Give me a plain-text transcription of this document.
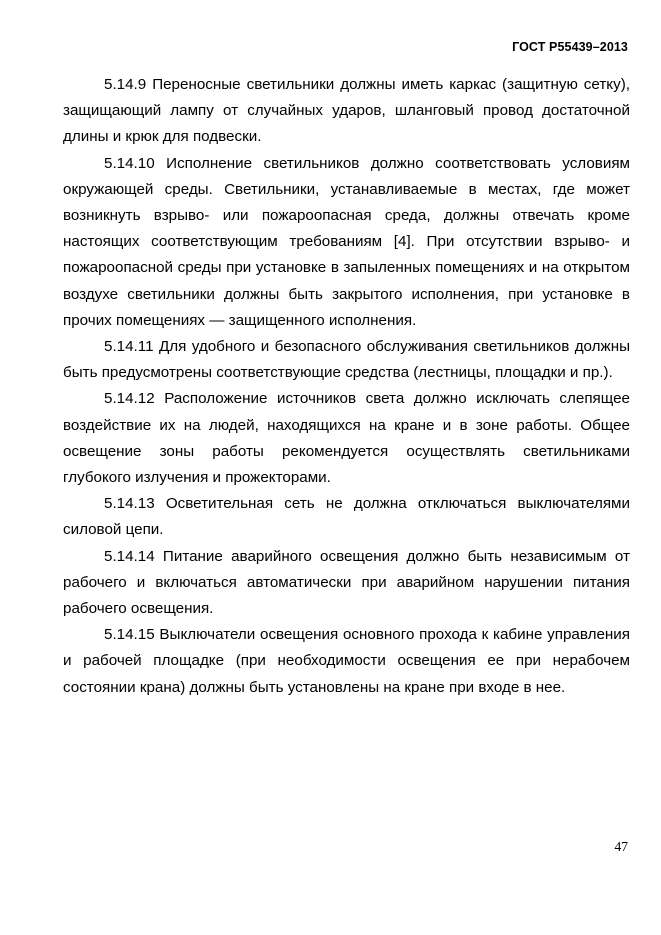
ГОСТ Р55439–2013

5.14.9 Переносные светильники должны иметь каркас (защитную сетку), защищающий лампу от случайных ударов, шланговый провод достаточной длины и крюк для подвески.

5.14.10 Исполнение светильников должно соответствовать условиям окружающей среды. Светильники, устанавливаемые в местах, где может возникнуть взрыво- или пожароопасная среда, должны отвечать кроме настоящих соответствующим требованиям [4]. При отсутствии взрыво- и пожароопасной среды при установке в запыленных помещениях и на открытом воздухе светильники должны быть закрытого исполнения, при установке в прочих помещениях — защищенного исполнения.

5.14.11 Для удобного и безопасного обслуживания светильников должны быть предусмотрены соответствующие средства (лестницы, площадки и пр.).

5.14.12 Расположение источников света должно исключать слепящее воздействие их на людей, находящихся на кране и в зоне работы. Общее освещение зоны работы рекомендуется осуществлять светильниками глубокого излучения и прожекторами.

5.14.13 Осветительная сеть не должна отключаться выключателями силовой цепи.

5.14.14 Питание аварийного освещения должно быть независимым от рабочего и включаться автоматически при аварийном нарушении питания рабочего освещения.

5.14.15 Выключатели освещения основного прохода к кабине управления и рабочей площадке (при необходимости освещения ее при нерабочем состоянии крана) должны быть установлены на кране при входе в нее.

47
